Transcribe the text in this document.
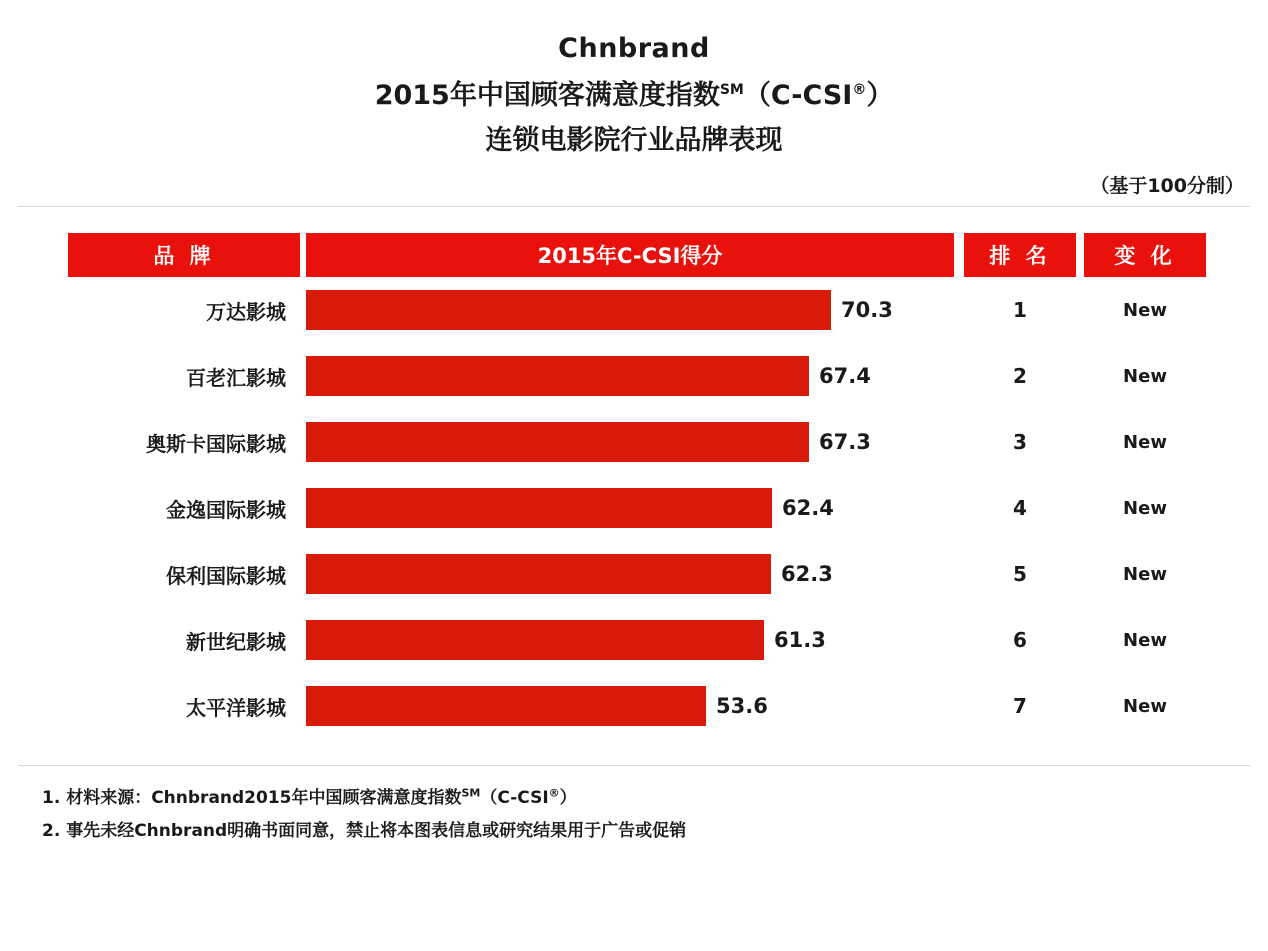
Chnbrand
2015年中国顾客满意度指数℠（C-CSI®）
连锁电影院行业品牌表现
（基于100分制）
品 牌	2015年C-CSI得分	排 名	变 化
万达影城	70.3	1	New
百老汇影城	67.4	2	New
奥斯卡国际影城	67.3	3	New
金逸国际影城	62.4	4	New
保利国际影城	62.3	5	New
新世纪影城	61.3	6	New
太平洋影城	53.6	7	New
1. 材料来源：Chnbrand2015年中国顾客满意度指数℠（C-CSI®）
2. 事先未经Chnbrand明确书面同意，禁止将本图表信息或研究结果用于广告或促销
